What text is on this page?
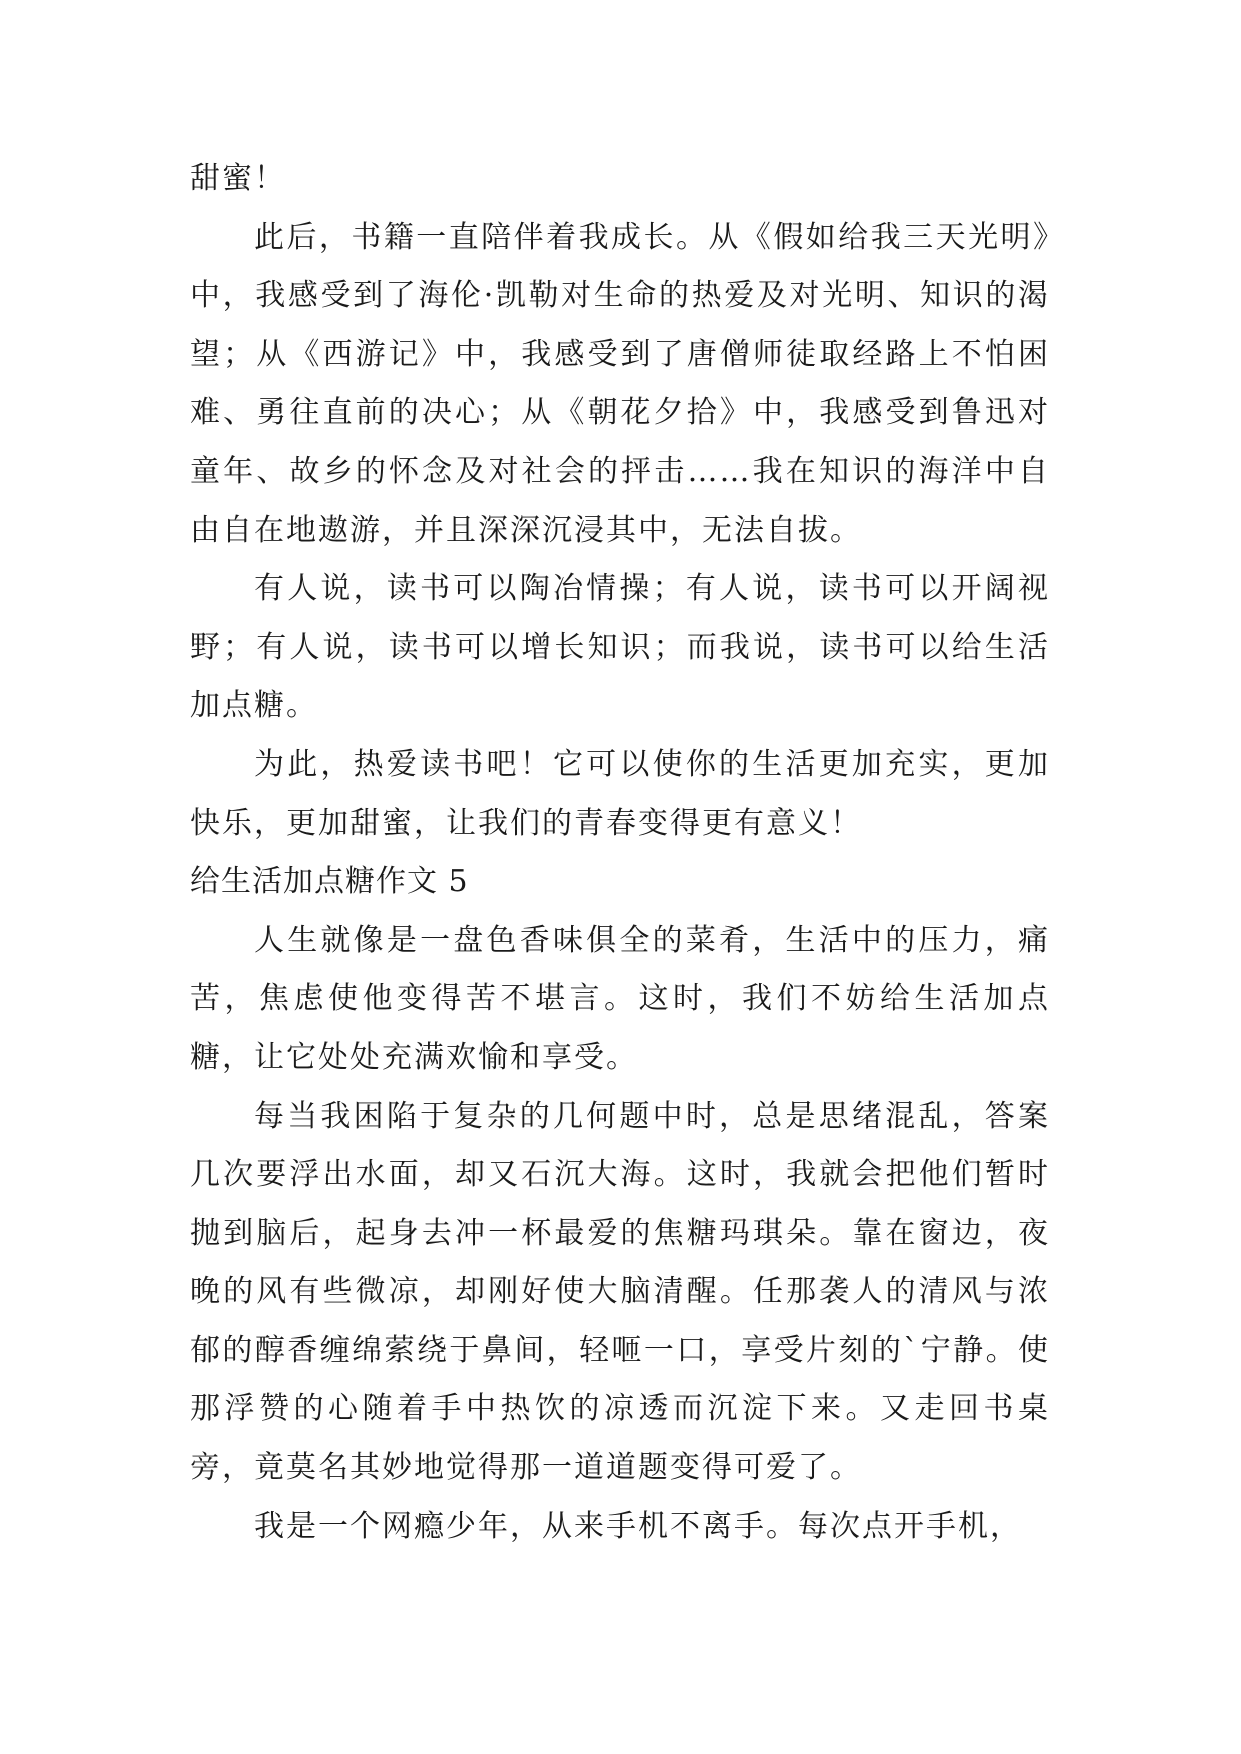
甜蜜！

此后，书籍一直陪伴着我成长。从《假如给我三天光明》中，我感受到了海伦·凯勒对生命的热爱及对光明、知识的渴望；从《西游记》中，我感受到了唐僧师徒取经路上不怕困难、勇往直前的决心；从《朝花夕拾》中，我感受到鲁迅对童年、故乡的怀念及对社会的抨击……我在知识的海洋中自由自在地遨游，并且深深沉浸其中，无法自拔。

有人说，读书可以陶冶情操；有人说，读书可以开阔视野；有人说，读书可以增长知识；而我说，读书可以给生活加点糖。

为此，热爱读书吧！它可以使你的生活更加充实，更加快乐，更加甜蜜，让我们的青春变得更有意义！

给生活加点糖作文 5

人生就像是一盘色香味俱全的菜肴，生活中的压力，痛苦，焦虑使他变得苦不堪言。这时，我们不妨给生活加点糖，让它处处充满欢愉和享受。

每当我困陷于复杂的几何题中时，总是思绪混乱，答案几次要浮出水面，却又石沉大海。这时，我就会把他们暂时抛到脑后，起身去冲一杯最爱的焦糖玛琪朵。靠在窗边，夜晚的风有些微凉，却刚好使大脑清醒。任那袭人的清风与浓郁的醇香缠绵萦绕于鼻间，轻咂一口，享受片刻的`宁静。使那浮赞的心随着手中热饮的凉透而沉淀下来。又走回书桌旁，竟莫名其妙地觉得那一道道题变得可爱了。

我是一个网瘾少年，从来手机不离手。每次点开手机，
